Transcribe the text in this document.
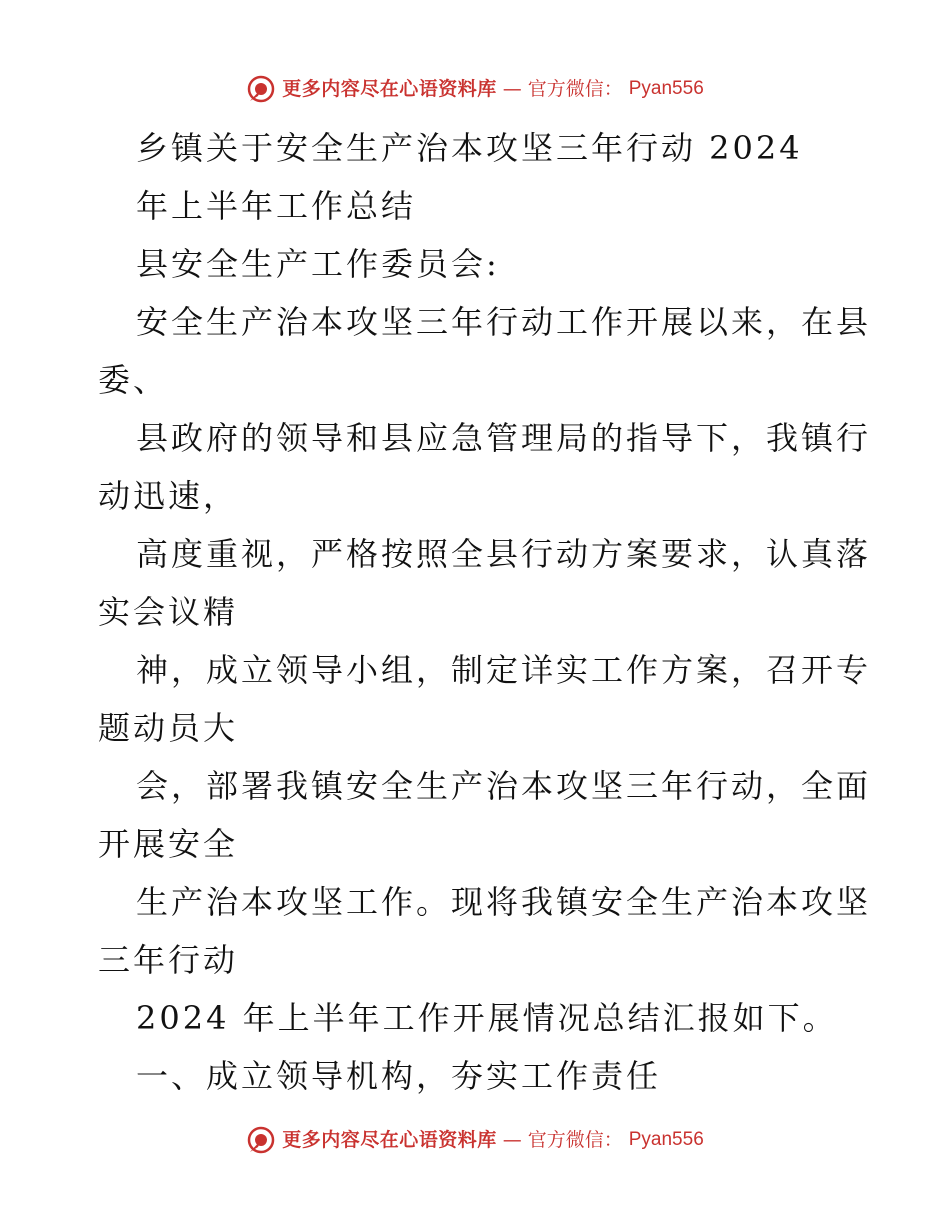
更多内容尽在心语资料库 — 官方微信： Pyan556
乡镇关于安全生产治本攻坚三年行动 2024
年上半年工作总结
县安全生产工作委员会:
安全生产治本攻坚三年行动工作开展以来，在县
委、
县政府的领导和县应急管理局的指导下，我镇行
动迅速，
高度重视，严格按照全县行动方案要求，认真落
实会议精
神，成立领导小组，制定详实工作方案，召开专
题动员大
会，部署我镇安全生产治本攻坚三年行动，全面
开展安全
生产治本攻坚工作。现将我镇安全生产治本攻坚
三年行动
2024 年上半年工作开展情况总结汇报如下。
一、成立领导机构，夯实工作责任
更多内容尽在心语资料库 — 官方微信： Pyan556
